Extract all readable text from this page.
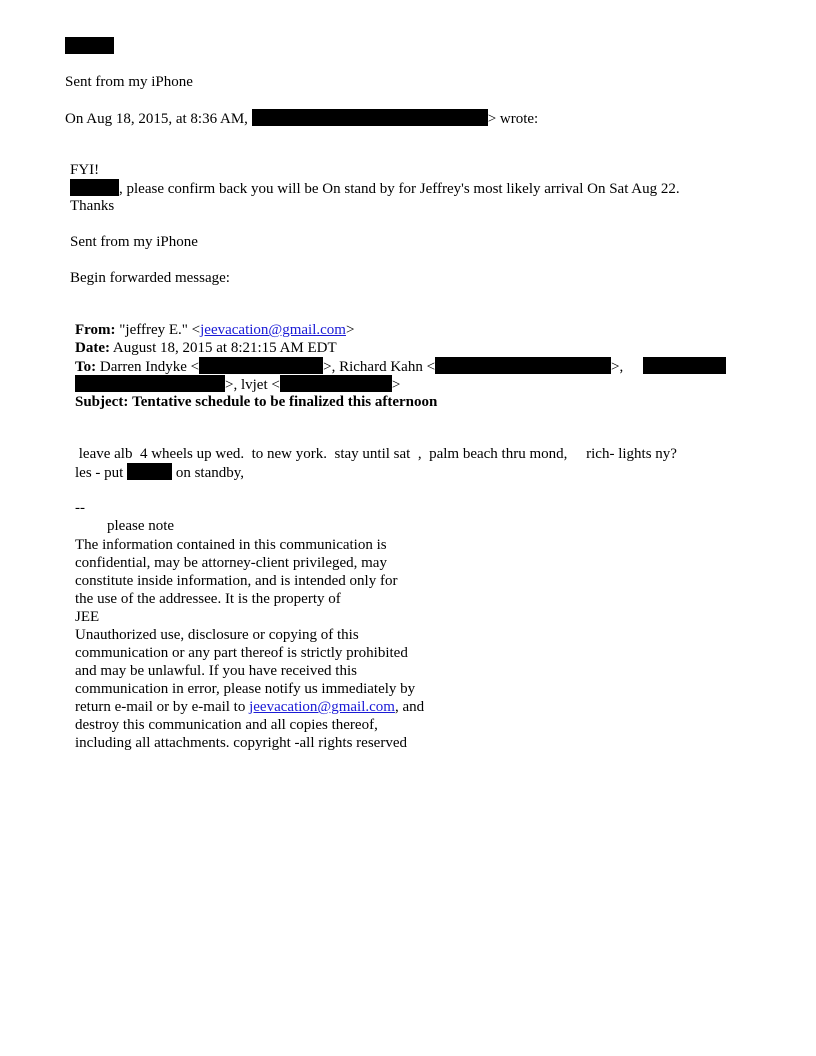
Sent from my iPhone
On Aug 18, 2015, at 8:36 AM,	> wrote:
FYI!
, please confirm back you will be On stand by for Jeffrey's most likely arrival On Sat Aug 22.
Thanks
Sent from my iPhone
Begin forwarded message:
From: "jeffrey E." <jeevacation@gmail.com>
Date: August 18, 2015 at 8:21:15 AM EDT
To: Darren Indyke <	>, Richard Kahn <	>,
>, lvjet <	>
Subject: Tentative schedule to be finalized this afternoon
leave alb  4 wheels up wed.  to new york.  stay until sat  ,  palm beach thru mond,     rich- lights ny?
les - put	on standby,
--
please note
The information contained in this communication is
confidential, may be attorney-client privileged, may
constitute inside information, and is intended only for
the use of the addressee. It is the property of
JEE
Unauthorized use, disclosure or copying of this
communication or any part thereof is strictly prohibited
and may be unlawful. If you have received this
communication in error, please notify us immediately by
return e-mail or by e-mail to jeevacation@gmail.com, and
destroy this communication and all copies thereof,
including all attachments. copyright -all rights reserved
